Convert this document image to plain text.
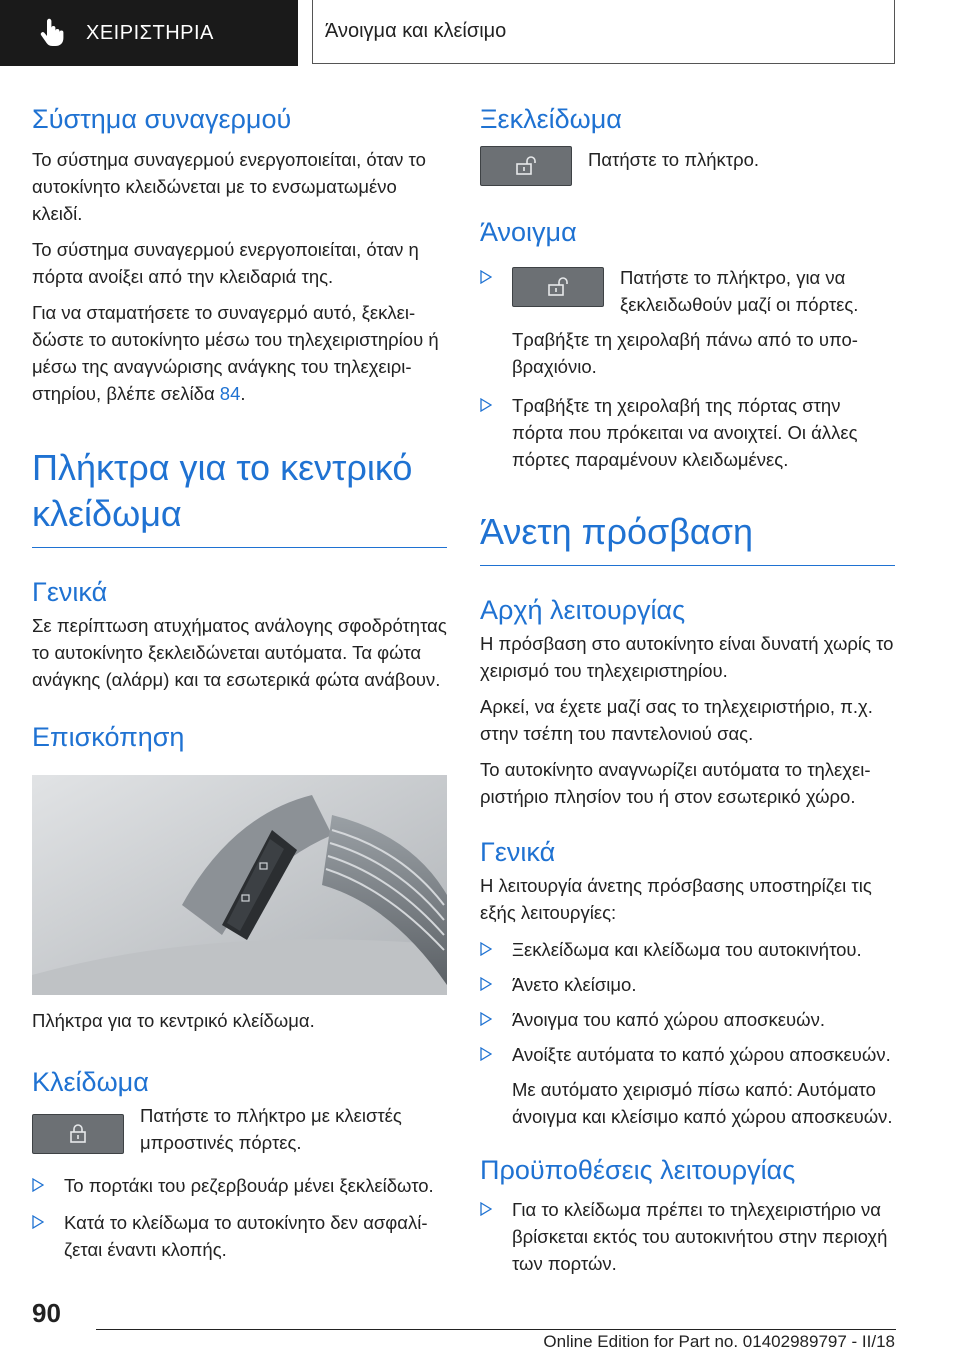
ΧΕΙΡΙΣΤΗΡΙΑ	Άνοιγμα και κλείσιμο
Σύστημα συναγερμού

Το σύστημα συναγερμού ενεργοποιείται, όταν το αυτοκίνητο κλειδώνεται με το ενσωματωμένο κλειδί.

Το σύστημα συναγερμού ενεργοποιείται, όταν η πόρτα ανοίξει από την κλειδαριά της.

Για να σταματήσετε το συναγερμό αυτό, ξεκλειδώστε το αυτοκίνητο μέσω του τηλεχειριστηρίου ή μέσω της αναγνώρισης ανάγκης του τηλεχειριστηρίου, βλέπε σελίδα 84.

Πλήκτρα για το κεντρικό κλείδωμα
Γενικά

Σε περίπτωση ατυχήματος ανάλογης σφοδρότητας το αυτοκίνητο ξεκλειδώνεται αυτόματα. Τα φώτα ανάγκης (αλάρμ) και τα εσωτερικά φώτα ανάβουν.

Επισκόπηση

Πλήκτρα για το κεντρικό κλείδωμα.

Κλείδωμα

Πατήστε το πλήκτρο με κλειστές μπροστινές πόρτες.

Το πορτάκι του ρεζερβουάρ μένει ξεκλείδωτο.

Κατά το κλείδωμα το αυτοκίνητο δεν ασφαλίζεται έναντι κλοπής.

Ξεκλείδωμα

Πατήστε το πλήκτρο.

Άνοιγμα

Πατήστε το πλήκτρο, για να ξεκλειδωθούν μαζί οι πόρτες.

Τραβήξτε τη χειρολαβή πάνω από το υποβραχιόνιο.

Τραβήξτε τη χειρολαβή της πόρτας στην πόρτα που πρόκειται να ανοιχτεί. Οι άλλες πόρτες παραμένουν κλειδωμένες.

Άνετη πρόσβαση
Αρχή λειτουργίας

Η πρόσβαση στο αυτοκίνητο είναι δυνατή χωρίς το χειρισμό του τηλεχειριστηρίου.

Αρκεί, να έχετε μαζί σας το τηλεχειριστήριο, π.χ. στην τσέπη του παντελονιού σας.

Το αυτοκίνητο αναγνωρίζει αυτόματα το τηλεχειριστήριο πλησίον του ή στον εσωτερικό χώρο.

Γενικά

Η λειτουργία άνετης πρόσβασης υποστηρίζει τις εξής λειτουργίες:

Ξεκλείδωμα και κλείδωμα του αυτοκινήτου.

Άνετο κλείσιμο.

Άνοιγμα του καπό χώρου αποσκευών.

Ανοίξτε αυτόματα το καπό χώρου αποσκευών.

Με αυτόματο χειρισμό πίσω καπό: Αυτόματο άνοιγμα και κλείσιμο καπό χώρου αποσκευών.

Προϋποθέσεις λειτουργίας

Για το κλείδωμα πρέπει το τηλεχειριστήριο να βρίσκεται εκτός του αυτοκινήτου στην περιοχή των πορτών.

90
Online Edition for Part no. 01402989797 - II/18
